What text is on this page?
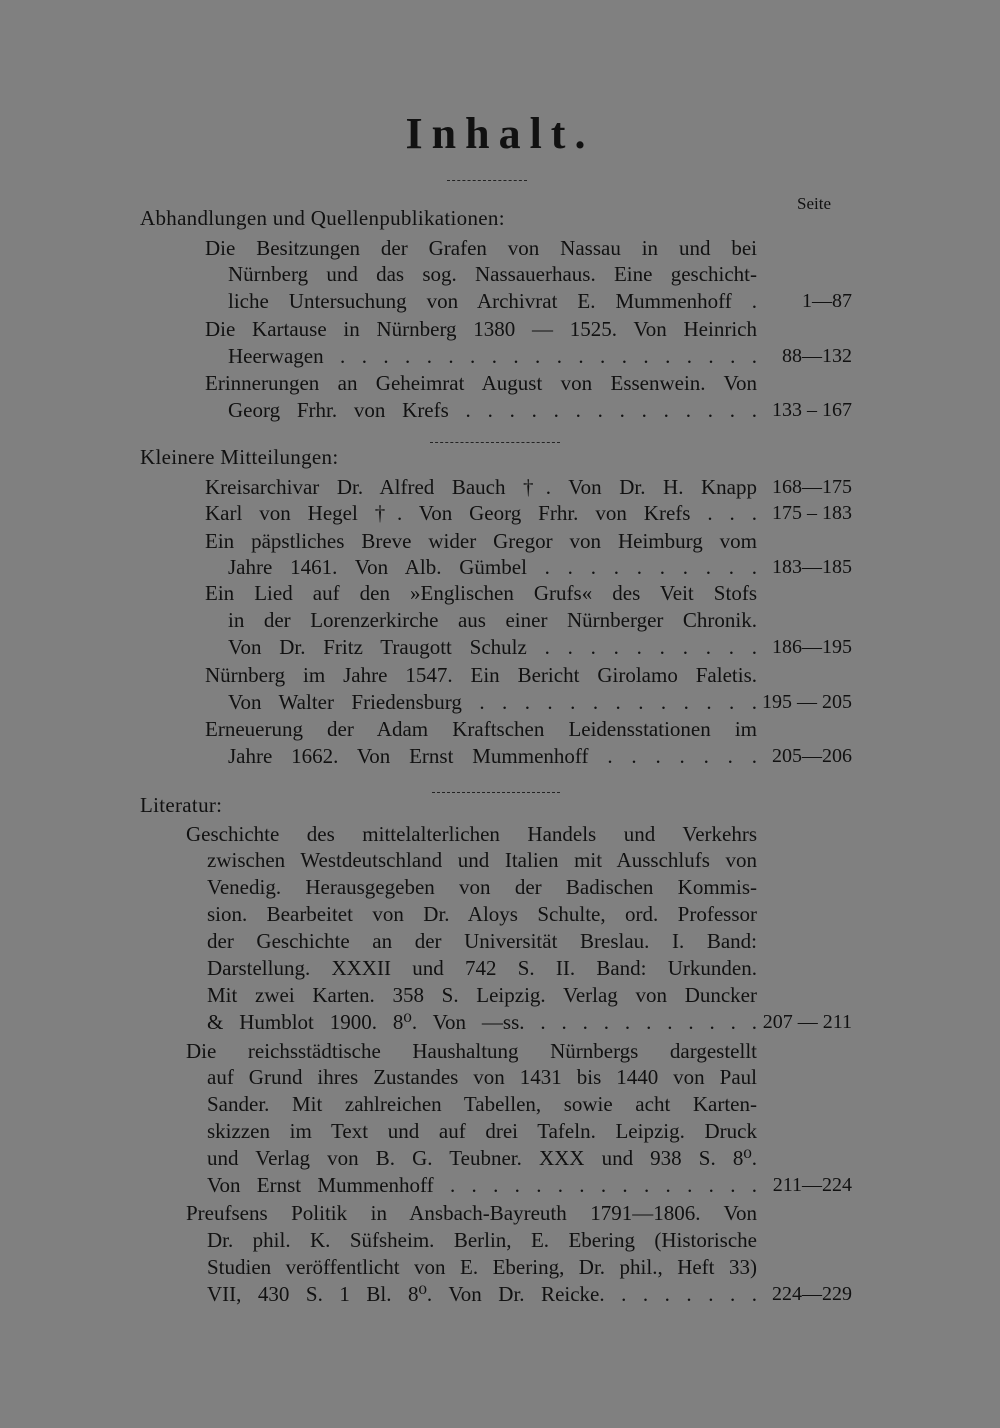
Inhalt.
Seite
Abhandlungen und Quellenpublikationen:
Die Besitzungen der Grafen von Nassau in und bei
Nürnberg und das sog. Nassauerhaus. Eine geschicht-
liche Untersuchung von Archivrat E. Mummenhoff .	1—87
Die Kartause in Nürnberg 1380 — 1525. Von Heinrich
Heerwagen . . . . . . . . . . . . . . . . . . . .	88—132
Erinnerungen an Geheimrat August von Essenwein. Von
Georg Frhr. von Krefs . . . . . . . . . . . . . . 133 – 167
Kleinere Mitteilungen:
Kreisarchivar Dr. Alfred Bauch †. Von Dr. H. Knapp 168—175
Karl von Hegel †. Von Georg Frhr. von Krefs . . . 175 – 183
Ein päpstliches Breve wider Gregor von Heimburg vom
Jahre 1461. Von Alb. Gümbel . . . . . . . . . . 183—185
Ein Lied auf den »Englischen Grufs« des Veit Stofs
in der Lorenzerkirche aus einer Nürnberger Chronik.
Von Dr. Fritz Traugott Schulz . . . . . . . . . . 186—195
Nürnberg im Jahre 1547. Ein Bericht Girolamo Faletis.
Von Walter Friedensburg . . . . . . . . . . . . . 195 — 205
Erneuerung der Adam Kraftschen Leidensstationen im
Jahre 1662. Von Ernst Mummenhoff . . . . . . . 205—206
Literatur:
Geschichte des mittelalterlichen Handels und Verkehrs
zwischen Westdeutschland und Italien mit Ausschlufs von
Venedig. Herausgegeben von der Badischen Kommis-
sion. Bearbeitet von Dr. Aloys Schulte, ord. Professor
der Geschichte an der Universität Breslau. I. Band:
Darstellung. XXXII und 742 S. II. Band: Urkunden.
Mit zwei Karten. 358 S. Leipzig. Verlag von Duncker
& Humblot 1900. 8⁰. Von —ss. . . . . . . . . . . . 207 — 211
Die reichsstädtische Haushaltung Nürnbergs dargestellt
auf Grund ihres Zustandes von 1431 bis 1440 von Paul
Sander. Mit zahlreichen Tabellen, sowie acht Karten-
skizzen im Text und auf drei Tafeln. Leipzig. Druck
und Verlag von B. G. Teubner. XXX und 938 S. 8⁰.
Von Ernst Mummenhoff . . . . . . . . . . . . . . . 211—224
Preufsens Politik in Ansbach-Bayreuth 1791—1806. Von
Dr. phil. K. Süfsheim. Berlin, E. Ebering (Historische
Studien veröffentlicht von E. Ebering, Dr. phil., Heft 33)
VII, 430 S. 1 Bl. 8⁰. Von Dr. Reicke. . . . . . . . 224—229
